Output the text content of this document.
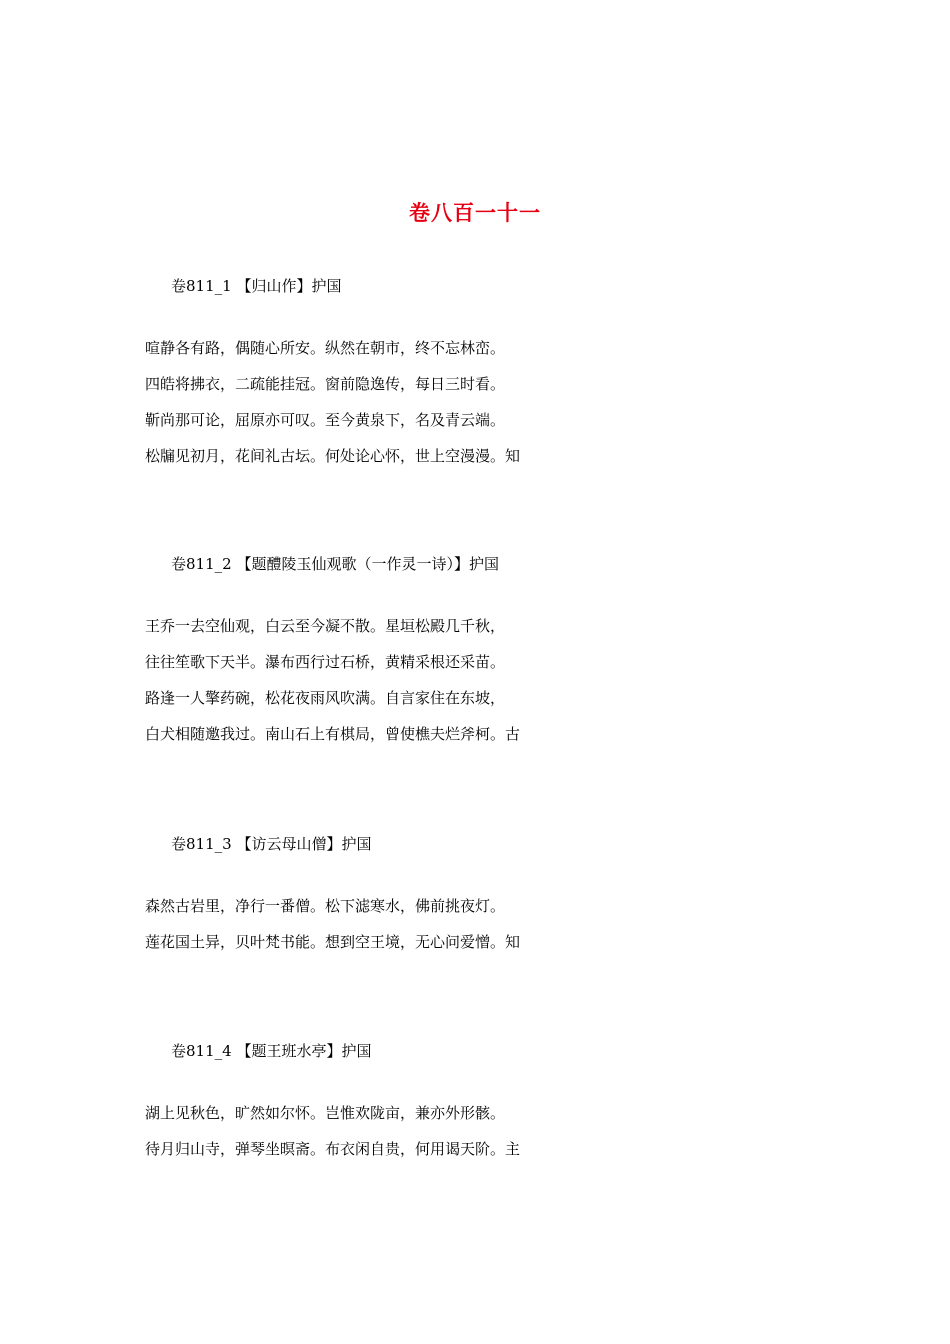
卷八百一十一
卷811_1 【归山作】护国
喧静各有路，偶随心所安。纵然在朝市，终不忘林峦。
四皓将拂衣，二疏能挂冠。窗前隐逸传，每日三时看。
靳尚那可论，屈原亦可叹。至今黄泉下，名及青云端。
松牖见初月，花间礼古坛。何处论心怀，世上空漫漫。知
卷811_2 【题醴陵玉仙观歌（一作灵一诗）】护国
王乔一去空仙观，白云至今凝不散。星垣松殿几千秋，
往往笙歌下天半。瀑布西行过石桥，黄精采根还采苗。
路逢一人擎药碗，松花夜雨风吹满。自言家住在东坡，
白犬相随邀我过。南山石上有棋局，曾使樵夫烂斧柯。古
卷811_3 【访云母山僧】护国
森然古岩里，净行一番僧。松下滤寒水，佛前挑夜灯。
莲花国土异，贝叶梵书能。想到空王境，无心问爱憎。知
卷811_4 【题王班水亭】护国
湖上见秋色，旷然如尔怀。岂惟欢陇亩，兼亦外形骸。
待月归山寺，弹琴坐暝斋。布衣闲自贵，何用谒天阶。主
